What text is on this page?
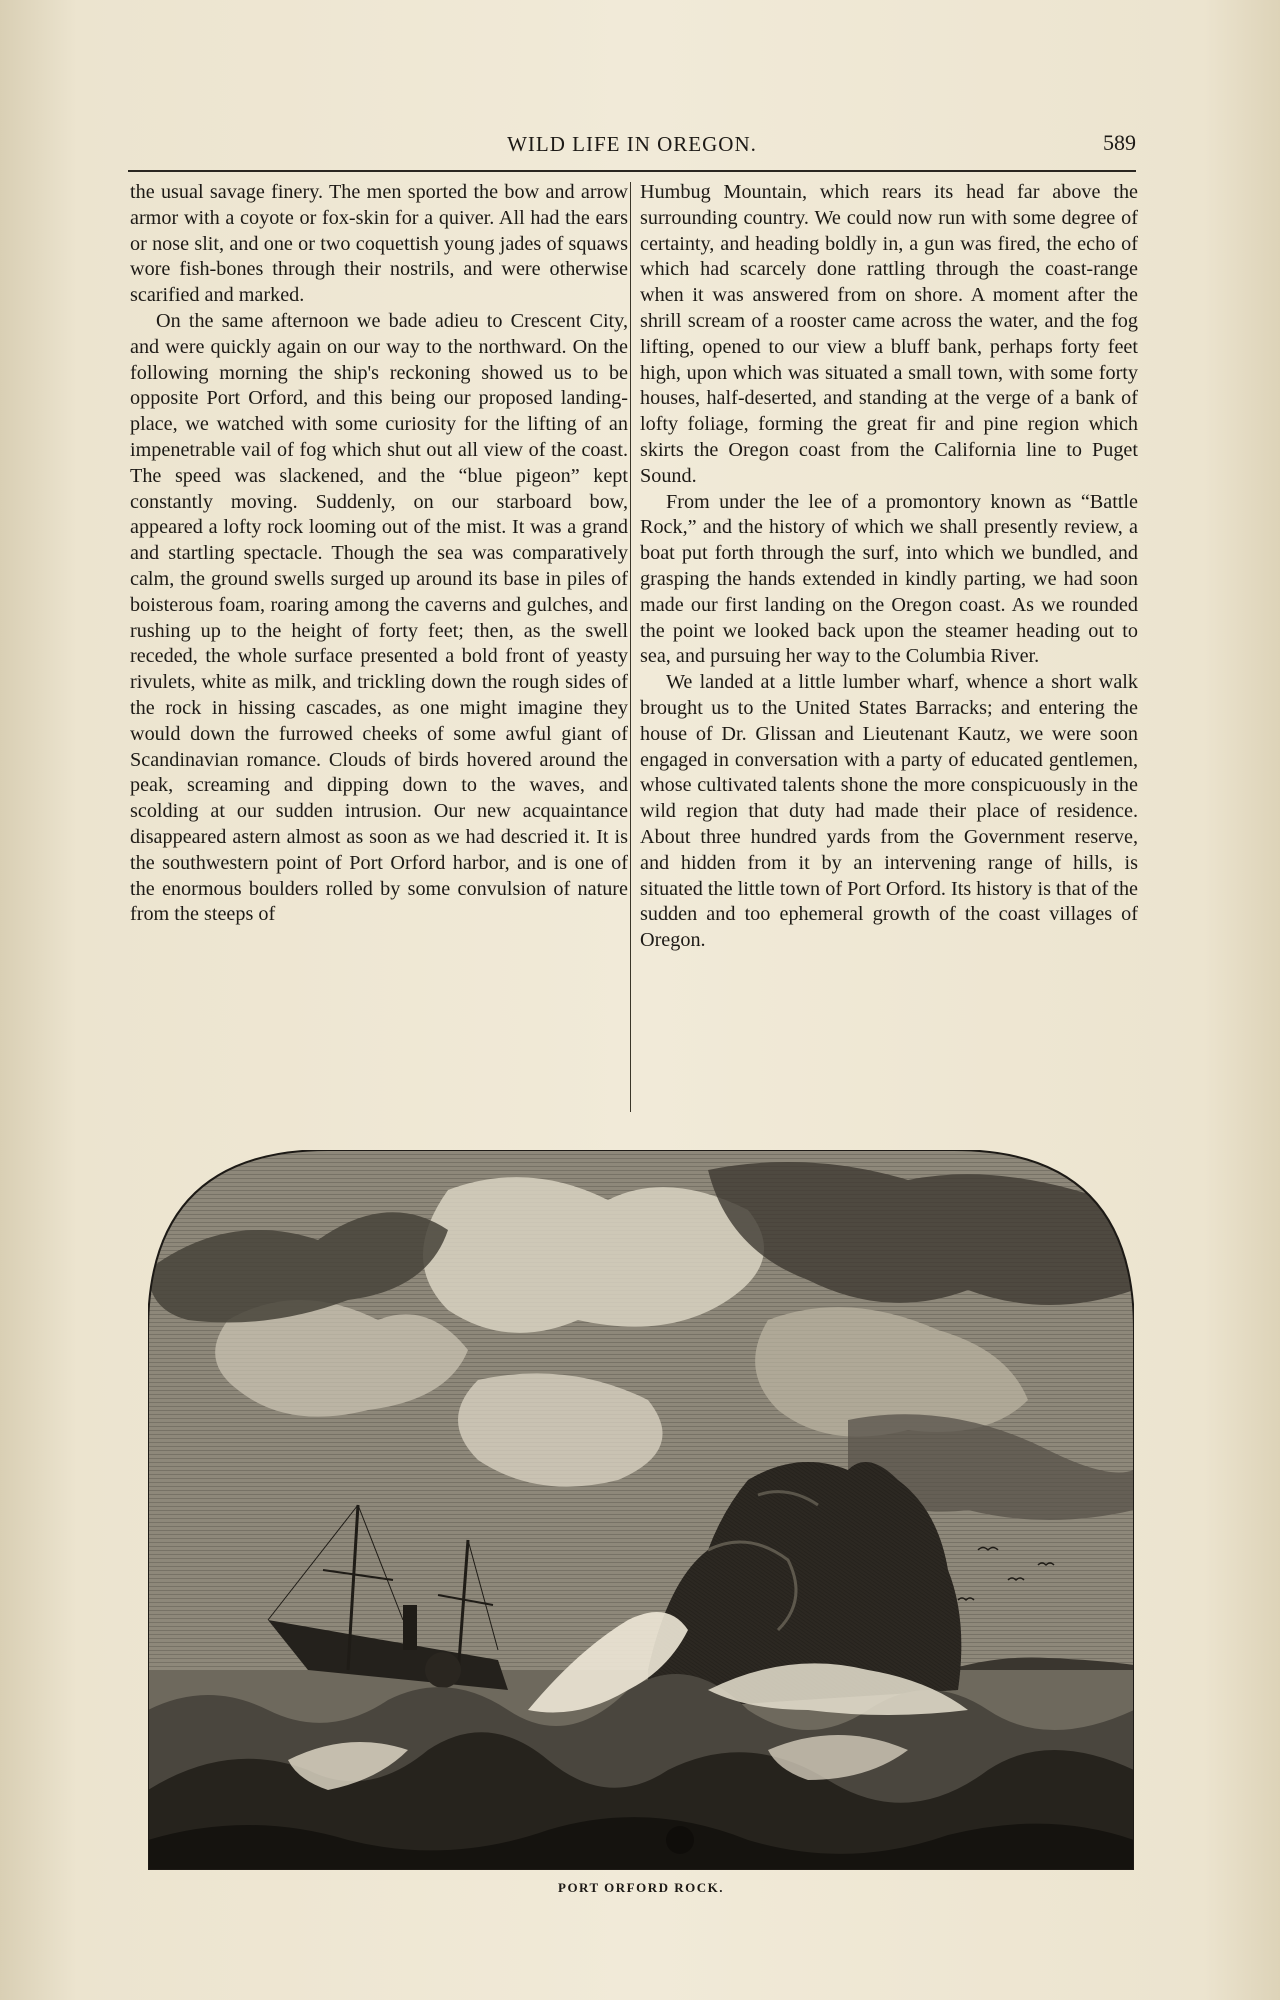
WILD LIFE IN OREGON.	589

the usual savage finery. The men sported the bow and arrow armor with a coyote or fox-skin for a quiver. All had the ears or nose slit, and one or two coquettish young jades of squaws wore fish-bones through their nostrils, and were otherwise scarified and marked.

On the same afternoon we bade adieu to Crescent City, and were quickly again on our way to the northward. On the following morning the ship's reckoning showed us to be opposite Port Orford, and this being our proposed landing-place, we watched with some curiosity for the lifting of an impenetrable vail of fog which shut out all view of the coast. The speed was slackened, and the “blue pigeon” kept constantly moving. Suddenly, on our starboard bow, appeared a lofty rock looming out of the mist. It was a grand and startling spectacle. Though the sea was comparatively calm, the ground swells surged up around its base in piles of boisterous foam, roaring among the caverns and gulches, and rushing up to the height of forty feet; then, as the swell receded, the whole surface presented a bold front of yeasty rivulets, white as milk, and trickling down the rough sides of the rock in hissing cascades, as one might imagine they would down the furrowed cheeks of some awful giant of Scandinavian romance. Clouds of birds hovered around the peak, screaming and dipping down to the waves, and scolding at our sudden intrusion. Our new acquaintance disappeared astern almost as soon as we had descried it. It is the southwestern point of Port Orford harbor, and is one of the enormous boulders rolled by some convulsion of nature from the steeps of

Humbug Mountain, which rears its head far above the surrounding country. We could now run with some degree of certainty, and heading boldly in, a gun was fired, the echo of which had scarcely done rattling through the coast-range when it was answered from on shore. A moment after the shrill scream of a rooster came across the water, and the fog lifting, opened to our view a bluff bank, perhaps forty feet high, upon which was situated a small town, with some forty houses, half-deserted, and standing at the verge of a bank of lofty foliage, forming the great fir and pine region which skirts the Oregon coast from the California line to Puget Sound.

From under the lee of a promontory known as “Battle Rock,” and the history of which we shall presently review, a boat put forth through the surf, into which we bundled, and grasping the hands extended in kindly parting, we had soon made our first landing on the Oregon coast. As we rounded the point we looked back upon the steamer heading out to sea, and pursuing her way to the Columbia River.

We landed at a little lumber wharf, whence a short walk brought us to the United States Barracks; and entering the house of Dr. Glissan and Lieutenant Kautz, we were soon engaged in conversation with a party of educated gentlemen, whose cultivated talents shone the more conspicuously in the wild region that duty had made their place of residence. About three hundred yards from the Government reserve, and hidden from it by an intervening range of hills, is situated the little town of Port Orford. Its history is that of the sudden and too ephemeral growth of the coast villages of Oregon.

PORT ORFORD ROCK.
